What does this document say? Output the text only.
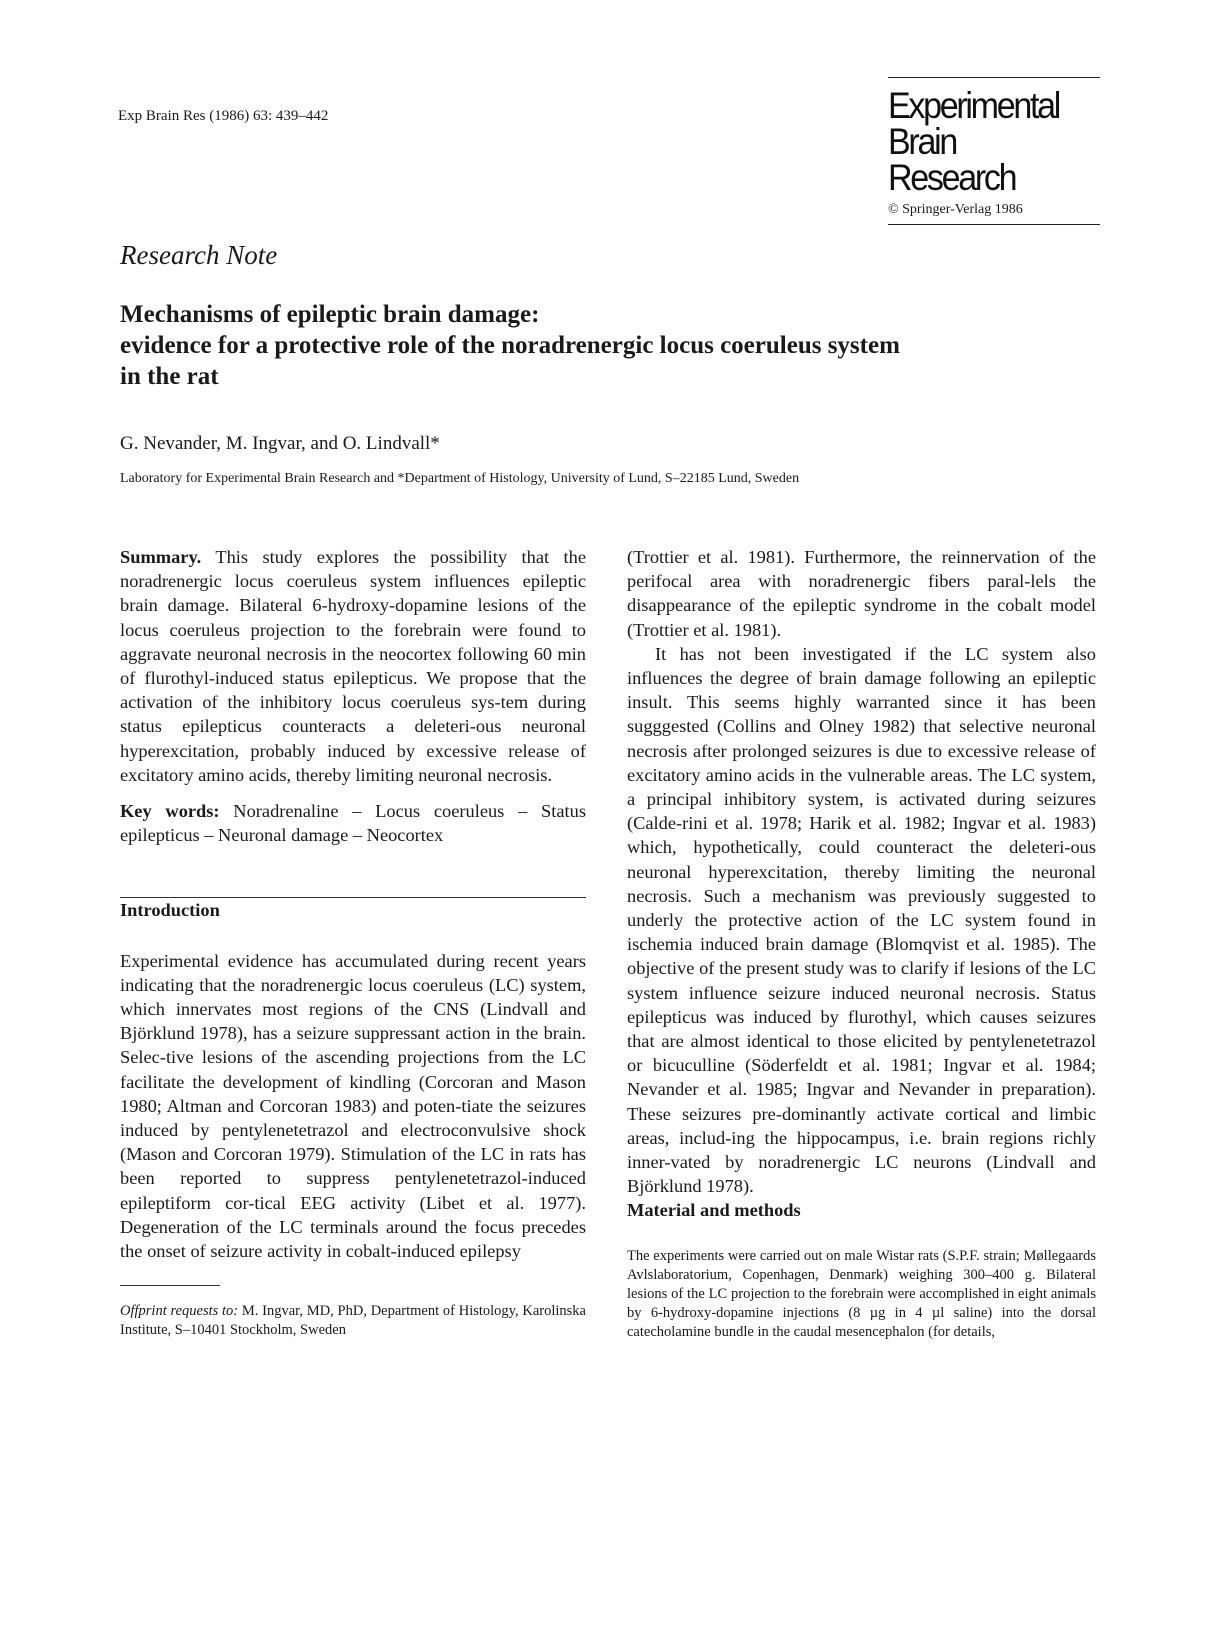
Exp Brain Res (1986) 63: 439–442	Experimental
Brain Research
© Springer-Verlag 1986
Research Note
Mechanisms of epileptic brain damage:
evidence for a protective role of the noradrenergic locus coeruleus system
in the rat
G. Nevander, M. Ingvar, and O. Lindvall*
Laboratory for Experimental Brain Research and *Department of Histology, University of Lund, S–22185 Lund, Sweden

Summary. This study explores the possibility that the noradrenergic locus coeruleus system influences epileptic brain damage. Bilateral 6-hydroxy-dopamine lesions of the locus coeruleus projection to the forebrain were found to aggravate neuronal necrosis in the neocortex following 60 min of flurothyl-induced status epilepticus. We propose that the activation of the inhibitory locus coeruleus sys-tem during status epilepticus counteracts a deleteri-ous neuronal hyperexcitation, probably induced by excessive release of excitatory amino acids, thereby limiting neuronal necrosis.

Key words: Noradrenaline – Locus coeruleus – Status epilepticus – Neuronal damage – Neocortex

Introduction

Experimental evidence has accumulated during recent years indicating that the noradrenergic locus coeruleus (LC) system, which innervates most regions of the CNS (Lindvall and Björklund 1978), has a seizure suppressant action in the brain. Selec-tive lesions of the ascending projections from the LC facilitate the development of kindling (Corcoran and Mason 1980; Altman and Corcoran 1983) and poten-tiate the seizures induced by pentylenetetrazol and electroconvulsive shock (Mason and Corcoran 1979). Stimulation of the LC in rats has been reported to suppress pentylenetetrazol-induced epileptiform cor-tical EEG activity (Libet et al. 1977). Degeneration of the LC terminals around the focus precedes the onset of seizure activity in cobalt-induced epilepsy

Offprint requests to: M. Ingvar, MD, PhD, Department of Histology, Karolinska Institute, S–10401 Stockholm, Sweden

(Trottier et al. 1981). Furthermore, the reinnervation of the perifocal area with noradrenergic fibers paral-lels the disappearance of the epileptic syndrome in the cobalt model (Trottier et al. 1981).

It has not been investigated if the LC system also influences the degree of brain damage following an epileptic insult. This seems highly warranted since it has been sugggested (Collins and Olney 1982) that selective neuronal necrosis after prolonged seizures is due to excessive release of excitatory amino acids in the vulnerable areas. The LC system, a principal inhibitory system, is activated during seizures (Calde-rini et al. 1978; Harik et al. 1982; Ingvar et al. 1983) which, hypothetically, could counteract the deleteri-ous neuronal hyperexcitation, thereby limiting the neuronal necrosis. Such a mechanism was previously suggested to underly the protective action of the LC system found in ischemia induced brain damage (Blomqvist et al. 1985). The objective of the present study was to clarify if lesions of the LC system influence seizure induced neuronal necrosis. Status epilepticus was induced by flurothyl, which causes seizures that are almost identical to those elicited by pentylenetetrazol or bicuculline (Söderfeldt et al. 1981; Ingvar et al. 1984; Nevander et al. 1985; Ingvar and Nevander in preparation). These seizures pre-dominantly activate cortical and limbic areas, includ-ing the hippocampus, i.e. brain regions richly inner-vated by noradrenergic LC neurons (Lindvall and Björklund 1978).

Material and methods

The experiments were carried out on male Wistar rats (S.P.F. strain; Møllegaards Avlslaboratorium, Copenhagen, Denmark) weighing 300–400 g. Bilateral lesions of the LC projection to the forebrain were accomplished in eight animals by 6-hydroxy-dopamine injections (8 µg in 4 µl saline) into the dorsal catecholamine bundle in the caudal mesencephalon (for details,
